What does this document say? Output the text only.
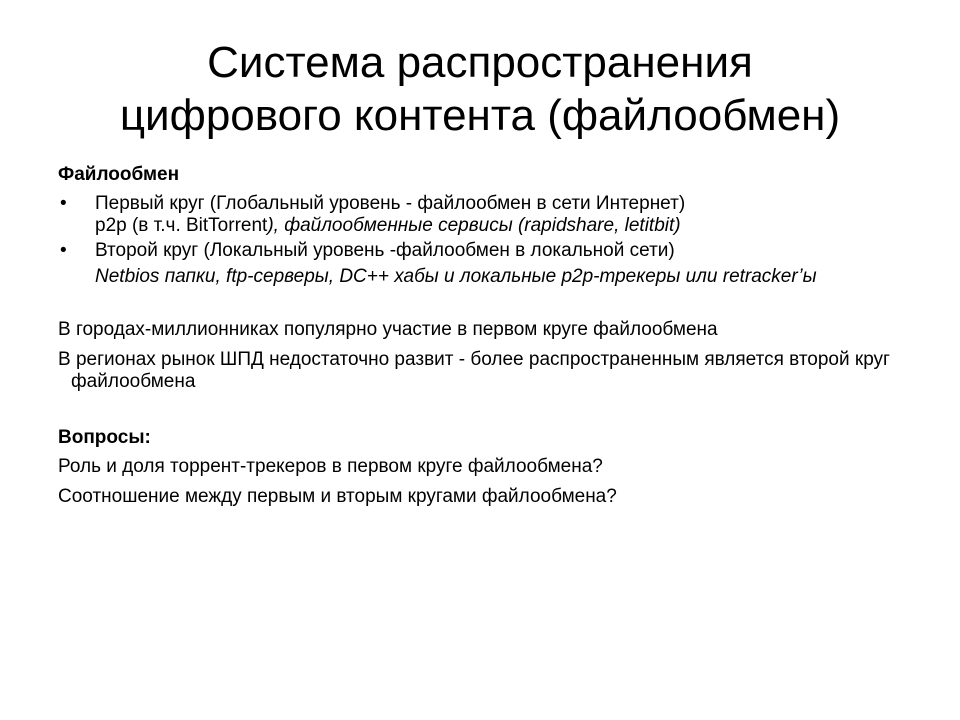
Система распространения
цифрового контента (файлообмен)
Файлообмен
• Первый круг (Глобальный уровень - файлообмен в сети Интернет)
p2p (в т.ч. BitTorrent), файлообменные сервисы (rapidshare, letitbit)
• Второй круг (Локальный уровень -файлообмен в локальной сети)
Netbios папки, ftp-серверы, DC++ хабы и локальные p2p-трекеры или retracker’ы

В городах-миллионниках популярно участие в первом круге файлообмена

В регионах рынок ШПД недостаточно развит - более распространенным является второй круг файлообмена

Вопросы:

Роль и доля торрент-трекеров в первом круге файлообмена?

Соотношение между первым и вторым кругами файлообмена?
